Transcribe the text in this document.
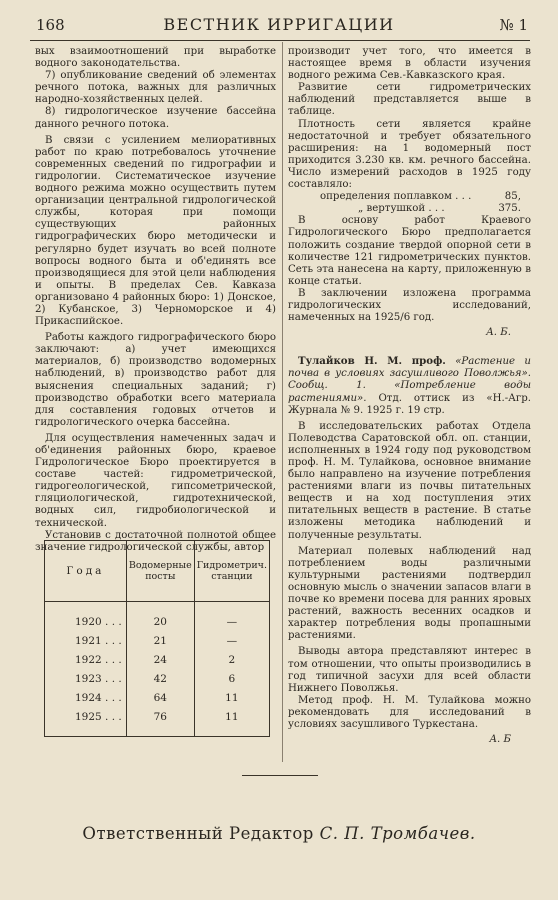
168	ВЕСТНИК ИРРИГАЦИИ	№ 1

вых взаимоотношений при выработке водного законодательства.

7) опубликование сведений об элементах речного потока, важных для различных народно-хозяйственных целей.

8) гидрологическое изучение бассейна данного речного потока.

В связи с усилением мелиоративных работ по краю потребовалось уточнение современных сведений по гидрографии и гидрологии. Систематическое изучение водного режима можно осуществить путем организации центральной гидрологической службы, которая при помощи существующих районных гидрографических бюро методически и регулярно будет изучать во всей полноте вопросы водного быта и об'единять все производящиеся для этой цели наблюдения и опыты. В пределах Сев. Кавказа организовано 4 районных бюро: 1) Донское, 2) Кубанское, 3) Черноморское и 4) Прикаспийское.

Работы каждого гидрографического бюро заключают: а) учет имеющихся материалов, б) производство водомерных наблюдений, в) производство работ для выяснения специальных заданий; г) производство обработки всего материала для составления годовых отчетов и гидрологического очерка бассейна.

Для осуществления намеченных задач и об'единения районных бюро, краевое Гидрологическое Бюро проектируется в составе частей: гидрометрической, гидрогеологической, гипсометрической, гляциологической, гидротехнической, водных сил, гидробиологической и технической.

Установив с достаточной полнотой общее значение гидрологической службы, автор

Года	Водомерные посты	Гидрометрич. станции

1920 . . .	20	—
1921 . . .	21	—
1922 . . .	24	2
1923 . . .	42	6
1924 . . .	64	11
1925 . . .	76	11

производит учет того, что имеется в настоящее время в области изучения водного режима Сев.-Кавказского края.

Развитие сети гидрометрических наблюдений представляется выше в таблице.

Плотность сети является крайне недостаточной и требует обязательного расширения: на 1 водомерный пост приходится 3.230 кв. км. речного бассейна. Число измерений расходов в 1925 году составляло:

определения поплавком . . .	85,

„ вертушкой . . .	375.

В основу работ Краевого Гидрологического Бюро предполагается положить создание твердой опорной сети в количестве 121 гидрометрических пунктов. Сеть эта нанесена на карту, приложенную в конце статьи.

В заключении изложена программа гидрологических исследований, намеченных на 1925/6 год.

А. Б.

Тулайков Н. М. проф. «Растение и почва в условиях засушливого Поволжья». Сообщ. 1. «Потребление воды растениями». Отд. оттиск из «Н.-Агр. Журнала № 9. 1925 г. 19 стр.

В исследовательских работах Отдела Полеводства Саратовской обл. оп. станции, исполненных в 1924 году под руководством проф. Н. М. Тулайкова, основное внимание было направлено на изучение потребления растениями влаги из почвы питательных веществ и на ход поступления этих питательных веществ в растение. В статье изложены методика наблюдений и полученные результаты.

Материал полевых наблюдений над потреблением воды различными культурными растениями подтвердил основную мысль о значении запасов влаги в почве ко времени посева для ранних яровых растений, важность весенних осадков и характер потребления воды пропашными растениями.

Выводы автора представляют интерес в том отношении, что опыты производились в год типичной засухи для всей области Нижнего Поволжья.

Метод проф. Н. М. Тулайкова можно рекомендовать для исследований в условиях засушливого Туркестана.

А. Б
Ответственный Редактор С. П. Тромбачев.
